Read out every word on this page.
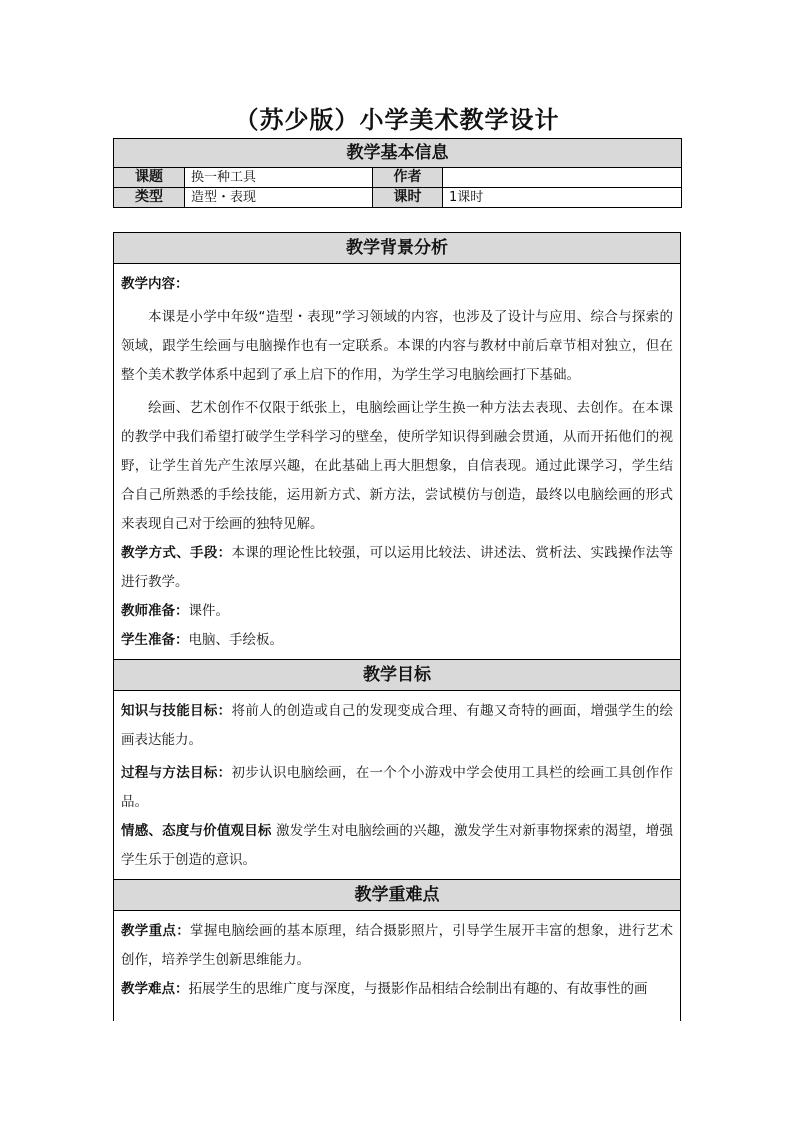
（苏少版）小学美术教学设计
教学基本信息			
课题	换一种工具	作者	
类型	造型・表现	课时	1课时
教学背景分析

教学内容：

本课是小学中年级“造型・表现”学习领域的内容，也涉及了设计与应用、综合与探索的领域，跟学生绘画与电脑操作也有一定联系。本课的内容与教材中前后章节相对独立，但在整个美术教学体系中起到了承上启下的作用，为学生学习电脑绘画打下基础。

绘画、艺术创作不仅限于纸张上，电脑绘画让学生换一种方法去表现、去创作。在本课的教学中我们希望打破学生学科学习的壁垒，使所学知识得到融会贯通，从而开拓他们的视野，让学生首先产生浓厚兴趣，在此基础上再大胆想象，自信表现。通过此课学习，学生结合自己所熟悉的手绘技能，运用新方式、新方法，尝试模仿与创造，最终以电脑绘画的形式来表现自己对于绘画的独特见解。

教学方式、手段：本课的理论性比较强，可以运用比较法、讲述法、赏析法、实践操作法等进行教学。

教师准备：课件。

学生准备：电脑、手绘板。

教学目标

知识与技能目标：将前人的创造或自己的发现变成合理、有趣又奇特的画面，增强学生的绘画表达能力。

过程与方法目标：初步认识电脑绘画，在一个个小游戏中学会使用工具栏的绘画工具创作作品。

情感、态度与价值观目标 激发学生对电脑绘画的兴趣，激发学生对新事物探索的渴望，增强学生乐于创造的意识。

教学重难点

教学重点：掌握电脑绘画的基本原理，结合摄影照片，引导学生展开丰富的想象，进行艺术创作，培养学生创新思维能力。

教学难点：拓展学生的思维广度与深度，与摄影作品相结合绘制出有趣的、有故事性的画
